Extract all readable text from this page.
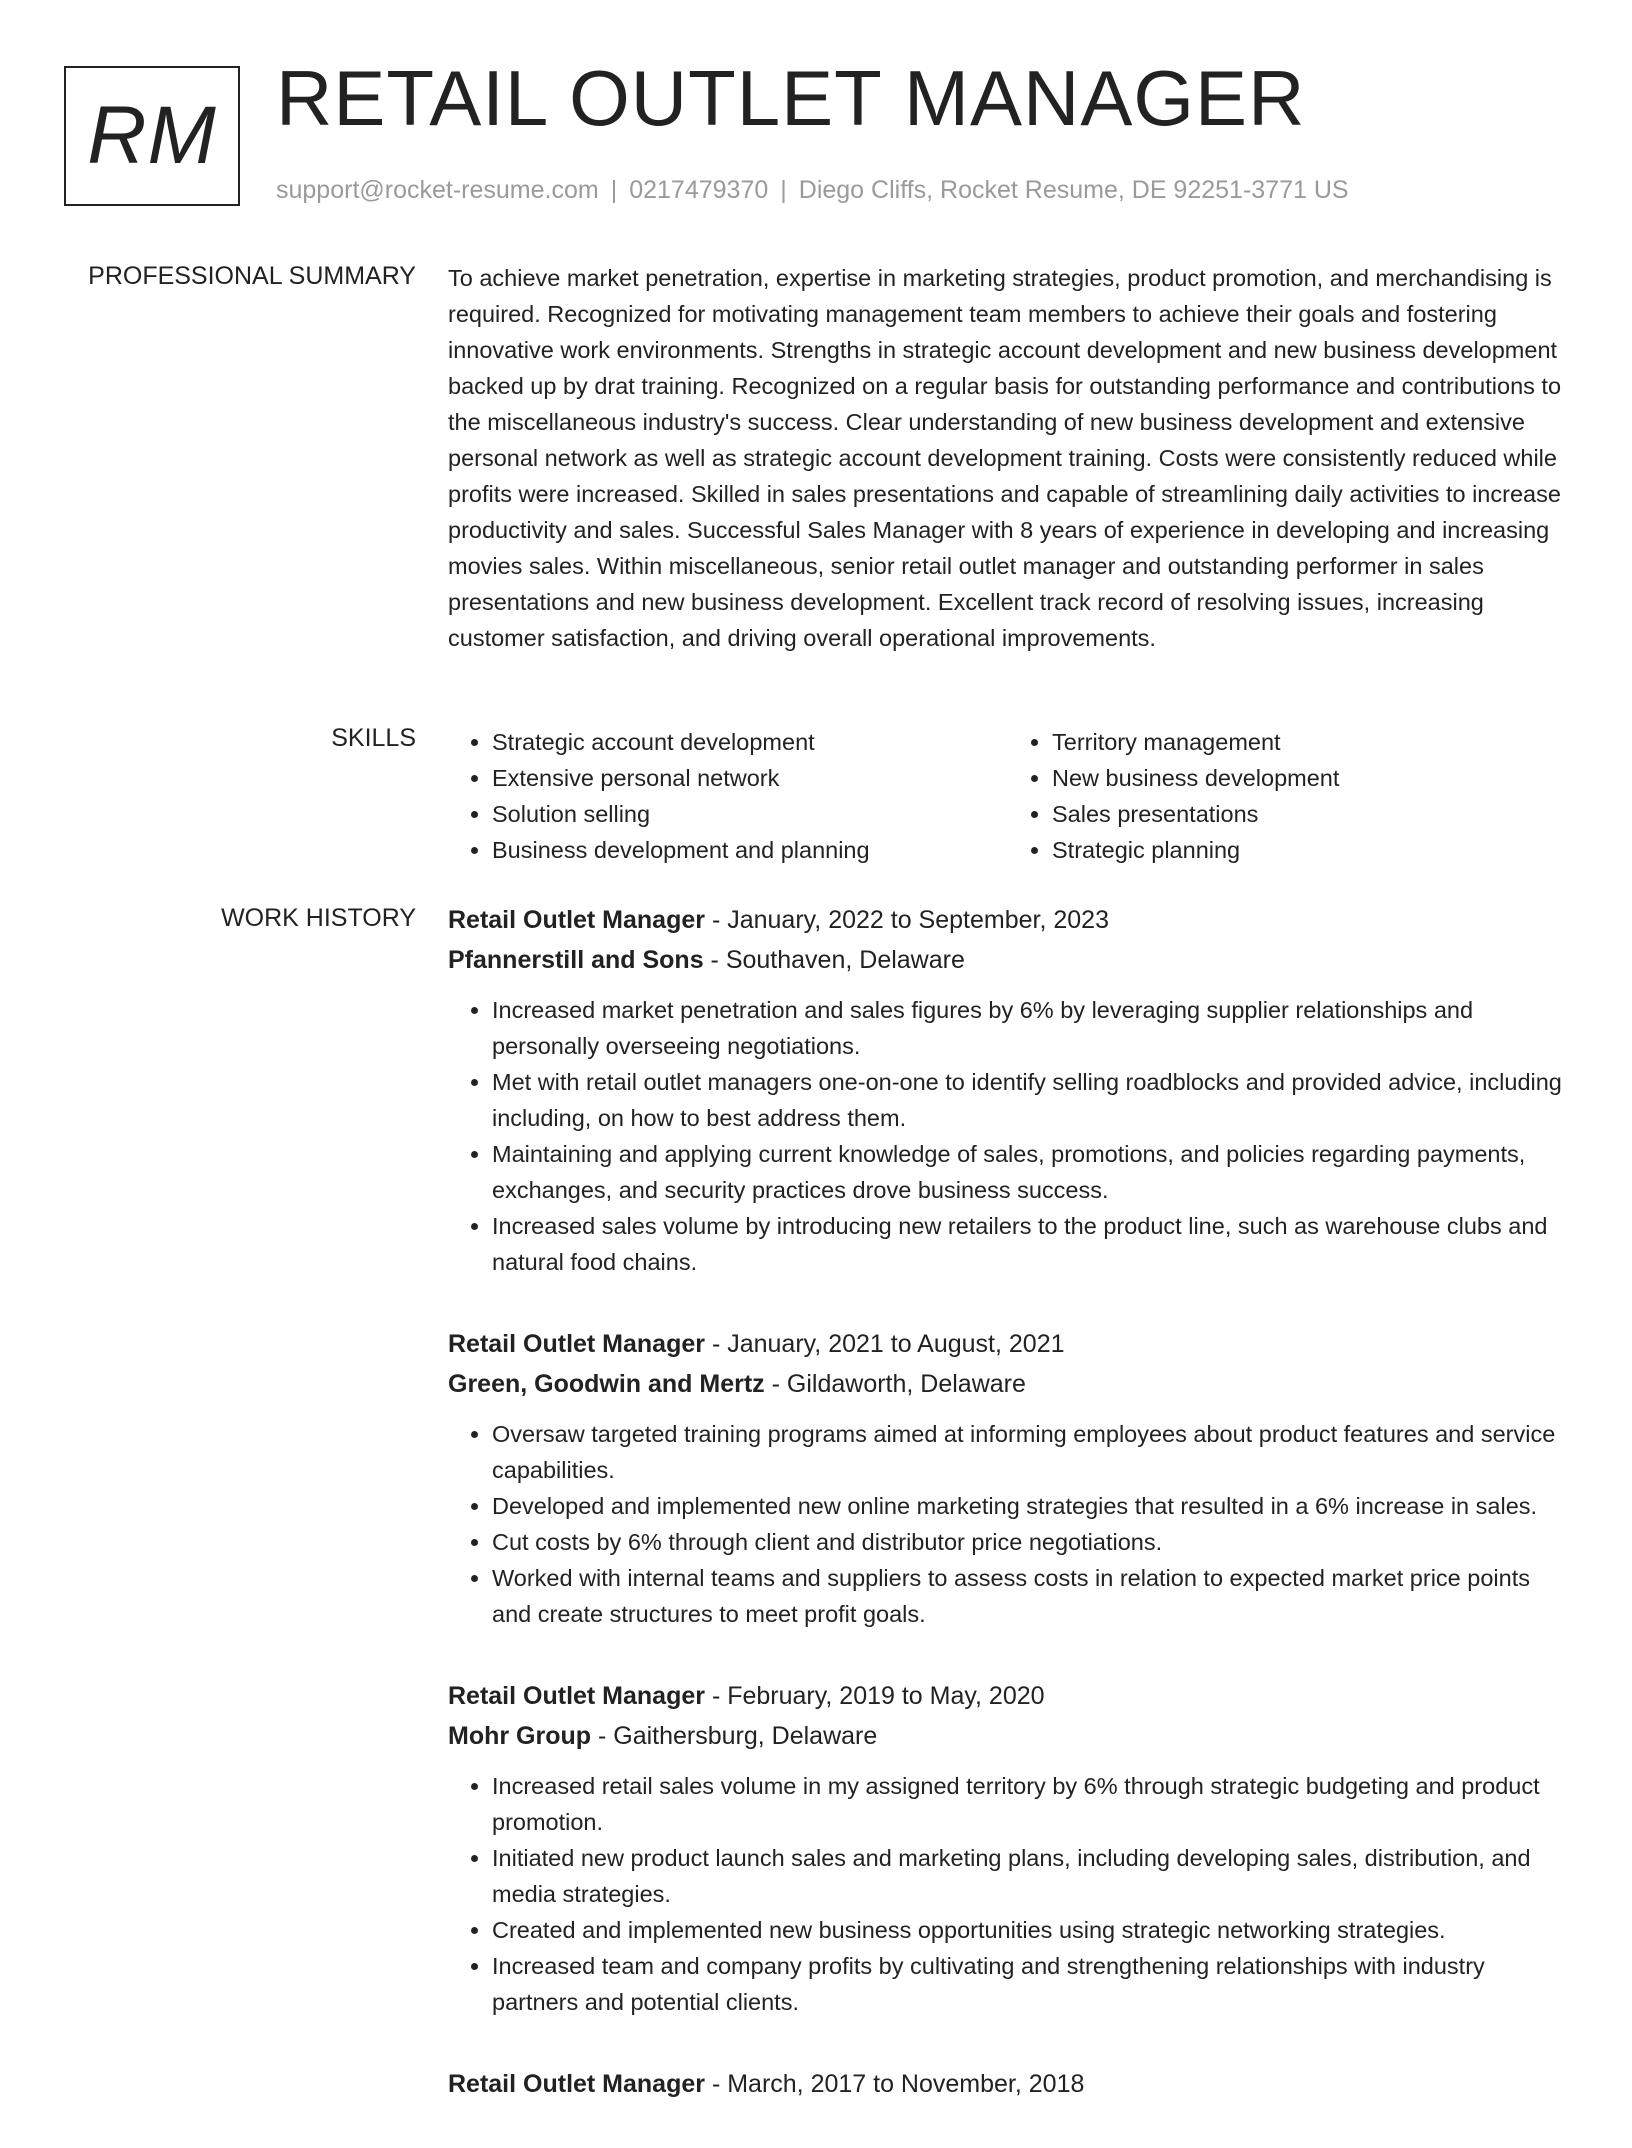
RM RETAIL OUTLET MANAGER
support@rocket-resume.com | 0217479370 | Diego Cliffs, Rocket Resume, DE 92251-3771 US
PROFESSIONAL SUMMARY To achieve market penetration, expertise in marketing strategies, product promotion, and merchandising is required. Recognized for motivating management team members to achieve their goals and fostering innovative work environments. Strengths in strategic account development and new business development backed up by drat training. Recognized on a regular basis for outstanding performance and contributions to the miscellaneous industry's success. Clear understanding of new business development and extensive personal network as well as strategic account development training. Costs were consistently reduced while profits were increased. Skilled in sales presentations and capable of streamlining daily activities to increase productivity and sales. Successful Sales Manager with 8 years of experience in developing and increasing movies sales. Within miscellaneous, senior retail outlet manager and outstanding performer in sales presentations and new business development. Excellent track record of resolving issues, increasing customer satisfaction, and driving overall operational improvements.
SKILLS
•	Strategic account development
• Extensive personal network
• Solution selling
• Business development and planning
• Territory management
• New business development
• Sales presentations
• Strategic planning
WORK HISTORY Retail Outlet Manager - January, 2022 to September, 2023
Pfannerstill and Sons - Southaven, Delaware
• Increased market penetration and sales figures by 6% by leveraging supplier relationships and personally overseeing negotiations.
• Met with retail outlet managers one-on-one to identify selling roadblocks and provided advice, including including, on how to best address them.
• Maintaining and applying current knowledge of sales, promotions, and policies regarding payments, exchanges, and security practices drove business success.
• Increased sales volume by introducing new retailers to the product line, such as warehouse clubs and natural food chains.
Retail Outlet Manager - January, 2021 to August, 2021
Green, Goodwin and Mertz - Gildaworth, Delaware
• Oversaw targeted training programs aimed at informing employees about product features and service capabilities.
• Developed and implemented new online marketing strategies that resulted in a 6% increase in sales.
• Cut costs by 6% through client and distributor price negotiations.
• Worked with internal teams and suppliers to assess costs in relation to expected market price points and create structures to meet profit goals.
Retail Outlet Manager - February, 2019 to May, 2020
Mohr Group - Gaithersburg, Delaware
• Increased retail sales volume in my assigned territory by 6% through strategic budgeting and product promotion.
• Initiated new product launch sales and marketing plans, including developing sales, distribution, and media strategies.
• Created and implemented new business opportunities using strategic networking strategies.
• Increased team and company profits by cultivating and strengthening relationships with industry partners and potential clients.
Retail Outlet Manager - March, 2017 to November, 2018
